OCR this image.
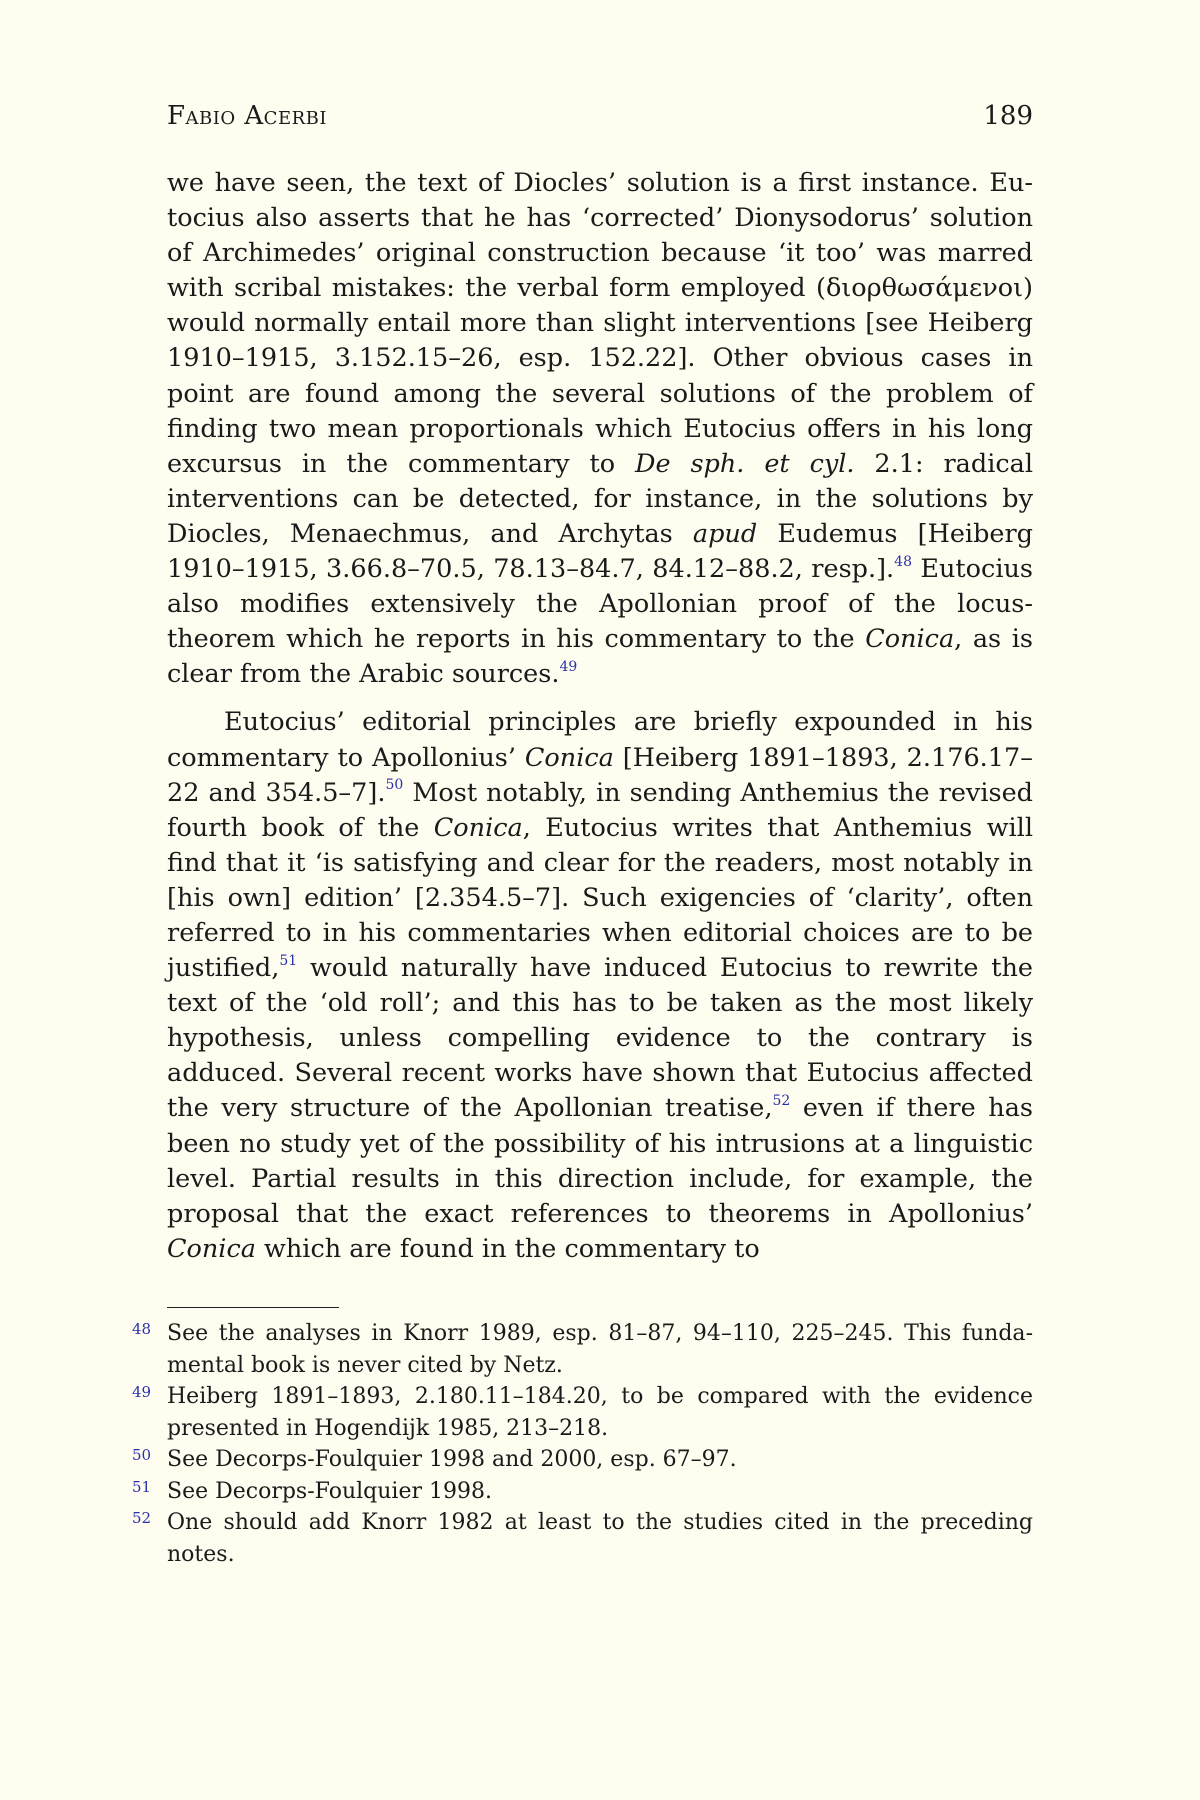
Fabio Acerbi	189

we have seen, the text of Diocles’ solution is a first instance. Eutocius also asserts that he has ‘corrected’ Dionysodorus’ solution of Archimedes’ original construction because ‘it too’ was marred with scribal mistakes: the verbal form employed (διορθωσάμενοι) would normally entail more than slight interventions [see Heiberg 1910–1915, 3.152.15–26, esp. 152.22]. Other obvious cases in point are found among the several solutions of the problem of finding two mean proportionals which Eutocius offers in his long excursus in the commentary to De sph. et cyl. 2.1: radical interventions can be detected, for instance, in the solutions by Diocles, Menaechmus, and Archytas apud Eudemus [Heiberg 1910–1915, 3.66.8–70.5, 78.13–84.7, 84.12–88.2, resp.].$^{48}$ Eutocius also modifies extensively the Apollonian proof of the locus-theorem which he reports in his commentary to the Conica, as is clear from the Arabic sources.$^{49}$

Eutocius’ editorial principles are briefly expounded in his commentary to Apollonius’ Conica [Heiberg 1891–1893, 2.176.17–22 and 354.5–7].$^{50}$ Most notably, in sending Anthemius the revised fourth book of the Conica, Eutocius writes that Anthemius will find that it ‘is satisfying and clear for the readers, most notably in [his own] edition’ [2.354.5–7]. Such exigencies of ‘clarity’, often referred to in his commentaries when editorial choices are to be justified,$^{51}$ would naturally have induced Eutocius to rewrite the text of the ‘old roll’; and this has to be taken as the most likely hypothesis, unless compelling evidence to the contrary is adduced. Several recent works have shown that Eutocius affected the very structure of the Apollonian treatise,$^{52}$ even if there has been no study yet of the possibility of his intrusions at a linguistic level. Partial results in this direction include, for example, the proposal that the exact references to theorems in Apollonius’ Conica which are found in the commentary to

48 See the analyses in Knorr 1989, esp. 81–87, 94–110, 225–245. This fundamental book is never cited by Netz.
49 Heiberg 1891–1893, 2.180.11–184.20, to be compared with the evidence presented in Hogendijk 1985, 213–218.
50 See Decorps-Foulquier 1998 and 2000, esp. 67–97.
51 See Decorps-Foulquier 1998.
52 One should add Knorr 1982 at least to the studies cited in the preceding notes.
